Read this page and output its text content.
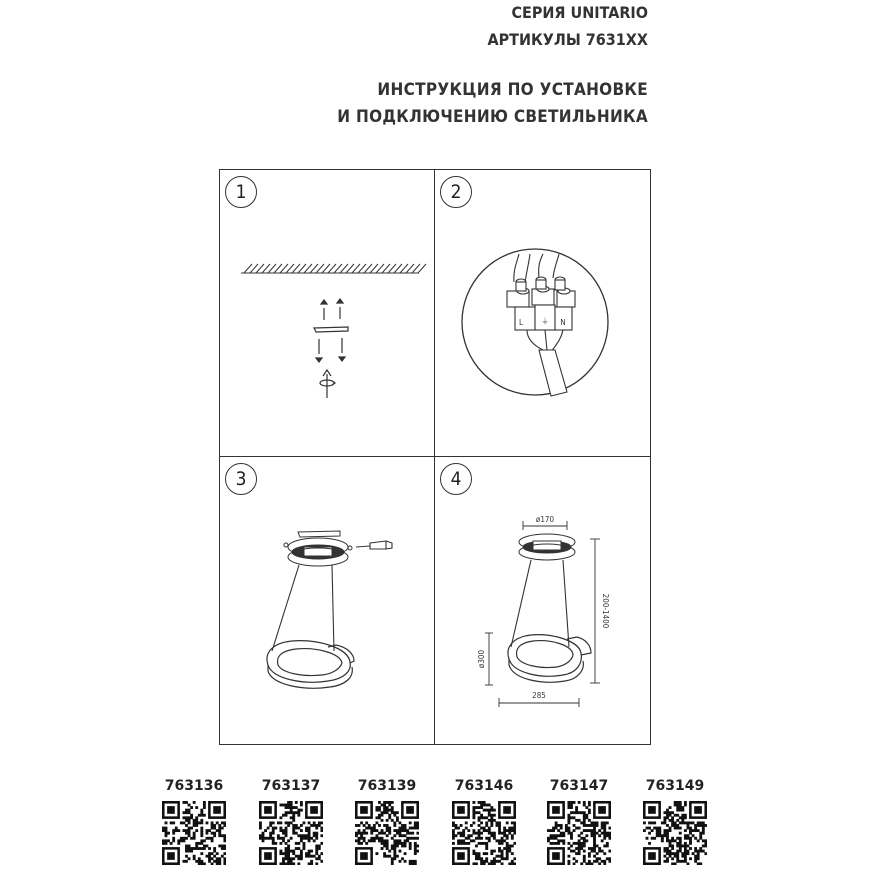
СЕРИЯ UNITARIO
АРТИКУЛЫ 7631XX
ИНСТРУКЦИЯ ПО УСТАНОВКЕ
И ПОДКЛЮЧЕНИЮ СВЕТИЛЬНИКА
1	2
L ⏚ N
3	4
ø170
200-1400
ø300
285
763136	763137	763139	763146	763147	763149
